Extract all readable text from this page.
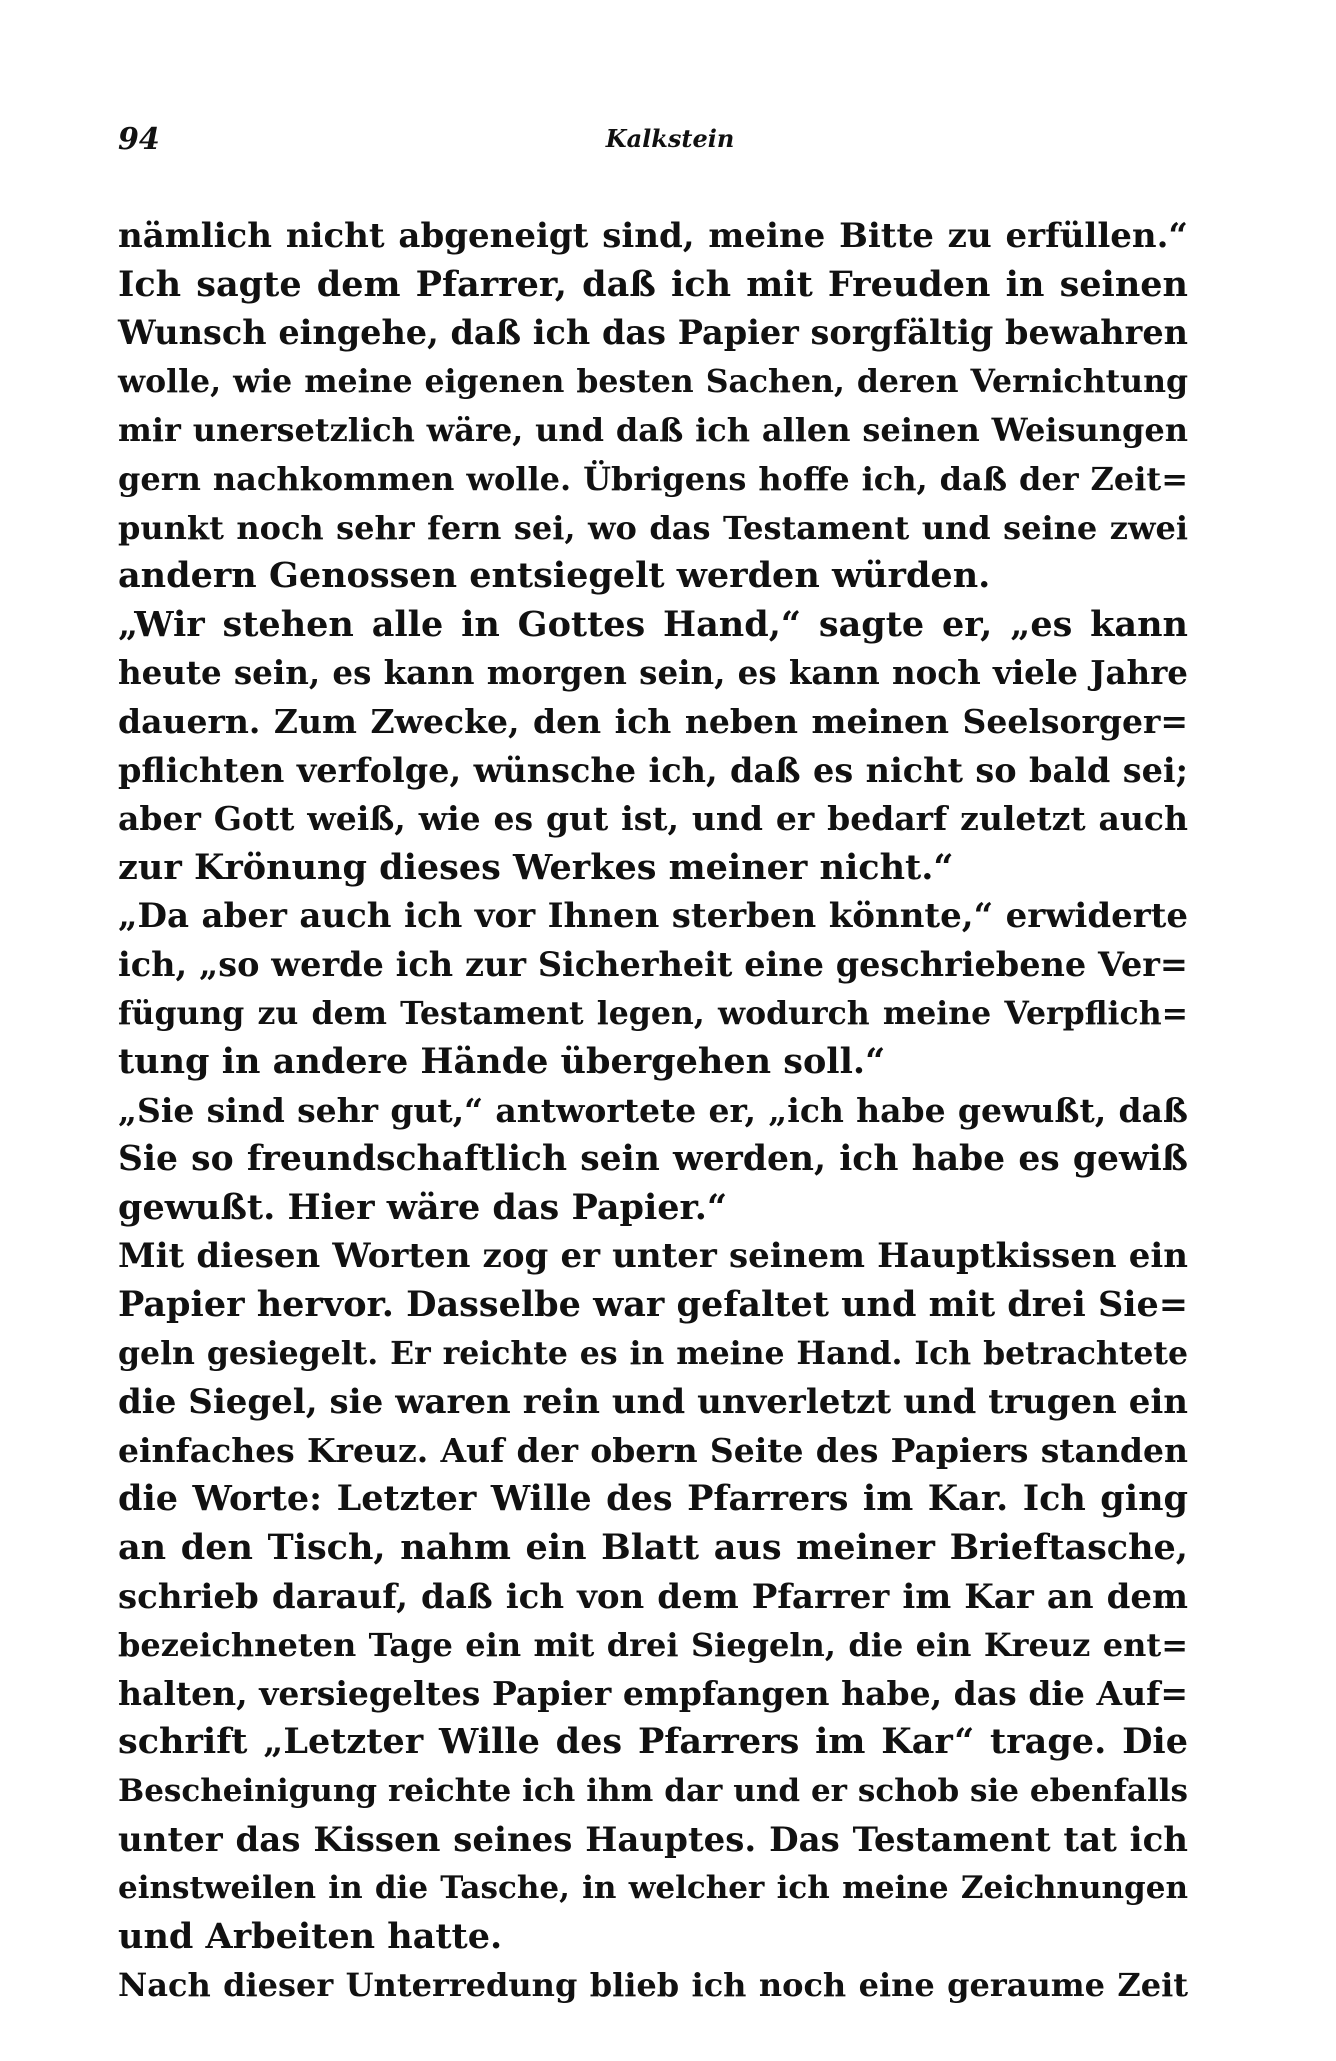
94	Kalkstein
nämlich nicht abgeneigt sind, meine Bitte zu erfüllen.“
Ich sagte dem Pfarrer, daß ich mit Freuden in seinen
Wunsch eingehe, daß ich das Papier sorgfältig bewahren
wolle, wie meine eigenen besten Sachen, deren Vernichtung
mir unersetzlich wäre, und daß ich allen seinen Weisungen
gern nachkommen wolle. Übrigens hoffe ich, daß der Zeit=
punkt noch sehr fern sei, wo das Testament und seine zwei
andern Genossen entsiegelt werden würden.
„Wir stehen alle in Gottes Hand,“ sagte er, „es kann
heute sein, es kann morgen sein, es kann noch viele Jahre
dauern. Zum Zwecke, den ich neben meinen Seelsorger=
pflichten verfolge, wünsche ich, daß es nicht so bald sei;
aber Gott weiß, wie es gut ist, und er bedarf zuletzt auch
zur Krönung dieses Werkes meiner nicht.“
„Da aber auch ich vor Ihnen sterben könnte,“ erwiderte
ich, „so werde ich zur Sicherheit eine geschriebene Ver=
fügung zu dem Testament legen, wodurch meine Verpflich=
tung in andere Hände übergehen soll.“
„Sie sind sehr gut,“ antwortete er, „ich habe gewußt, daß
Sie so freundschaftlich sein werden, ich habe es gewiß
gewußt. Hier wäre das Papier.“
Mit diesen Worten zog er unter seinem Hauptkissen ein
Papier hervor. Dasselbe war gefaltet und mit drei Sie=
geln gesiegelt. Er reichte es in meine Hand. Ich betrachtete
die Siegel, sie waren rein und unverletzt und trugen ein
einfaches Kreuz. Auf der obern Seite des Papiers standen
die Worte: Letzter Wille des Pfarrers im Kar. Ich ging
an den Tisch, nahm ein Blatt aus meiner Brieftasche,
schrieb darauf, daß ich von dem Pfarrer im Kar an dem
bezeichneten Tage ein mit drei Siegeln, die ein Kreuz ent=
halten, versiegeltes Papier empfangen habe, das die Auf=
schrift „Letzter Wille des Pfarrers im Kar“ trage. Die
Bescheinigung reichte ich ihm dar und er schob sie ebenfalls
unter das Kissen seines Hauptes. Das Testament tat ich
einstweilen in die Tasche, in welcher ich meine Zeichnungen
und Arbeiten hatte.
Nach dieser Unterredung blieb ich noch eine geraume Zeit
